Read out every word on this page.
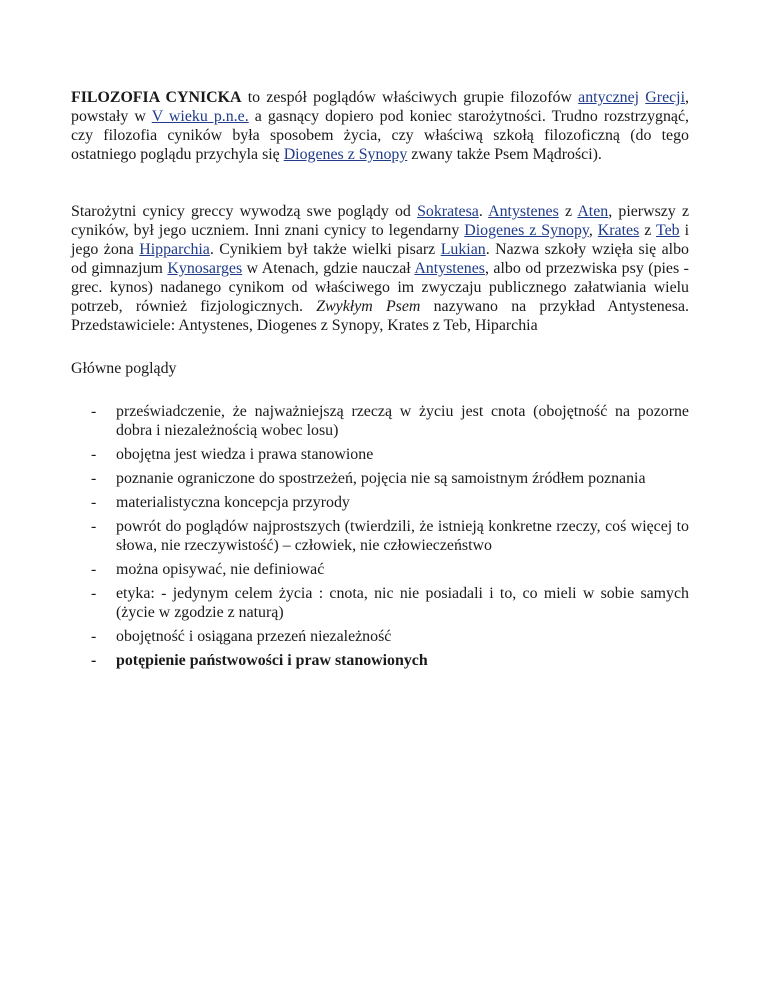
FILOZOFIA CYNICKA to zespół poglądów właściwych grupie filozofów antycznej Grecji, powstały w V wieku p.n.e. a gasnący dopiero pod koniec starożytności. Trudno rozstrzygnąć, czy filozofia cyników była sposobem życia, czy właściwą szkołą filozoficzną (do tego ostatniego poglądu przychyla się Diogenes z Synopy zwany także Psem Mądrości).

Starożytni cynicy greccy wywodzą swe poglądy od Sokratesa. Antystenes z Aten, pierwszy z cyników, był jego uczniem. Inni znani cynicy to legendarny Diogenes z Synopy, Krates z Teb i jego żona Hipparchia. Cynikiem był także wielki pisarz Lukian. Nazwa szkoły wzięła się albo od gimnazjum Kynosarges w Atenach, gdzie nauczał Antystenes, albo od przezwiska psy (pies - grec. kynos) nadanego cynikom od właściwego im zwyczaju publicznego załatwiania wielu potrzeb, również fizjologicznych. Zwykłym Psem nazywano na przykład Antystenesa. Przedstawiciele: Antystenes, Diogenes z Synopy, Krates z Teb, Hiparchia

Główne poglądy

- przeświadczenie, że najważniejszą rzeczą w życiu jest cnota (obojętność na pozorne dobra i niezależnością wobec losu)
- obojętna jest wiedza i prawa stanowione
- poznanie ograniczone do spostrzeżeń, pojęcia nie są samoistnym źródłem poznania
- materialistyczna koncepcja przyrody
- powrót do poglądów najprostszych (twierdzili, że istnieją konkretne rzeczy, coś więcej to słowa, nie rzeczywistość) – człowiek, nie człowieczeństwo
- można opisywać, nie definiować
- etyka: - jedynym celem życia : cnota, nic nie posiadali i to, co mieli w sobie samych (życie w zgodzie z naturą)
- obojętność i osiągana przezeń niezależność
- potępienie państwowości i praw stanowionych
